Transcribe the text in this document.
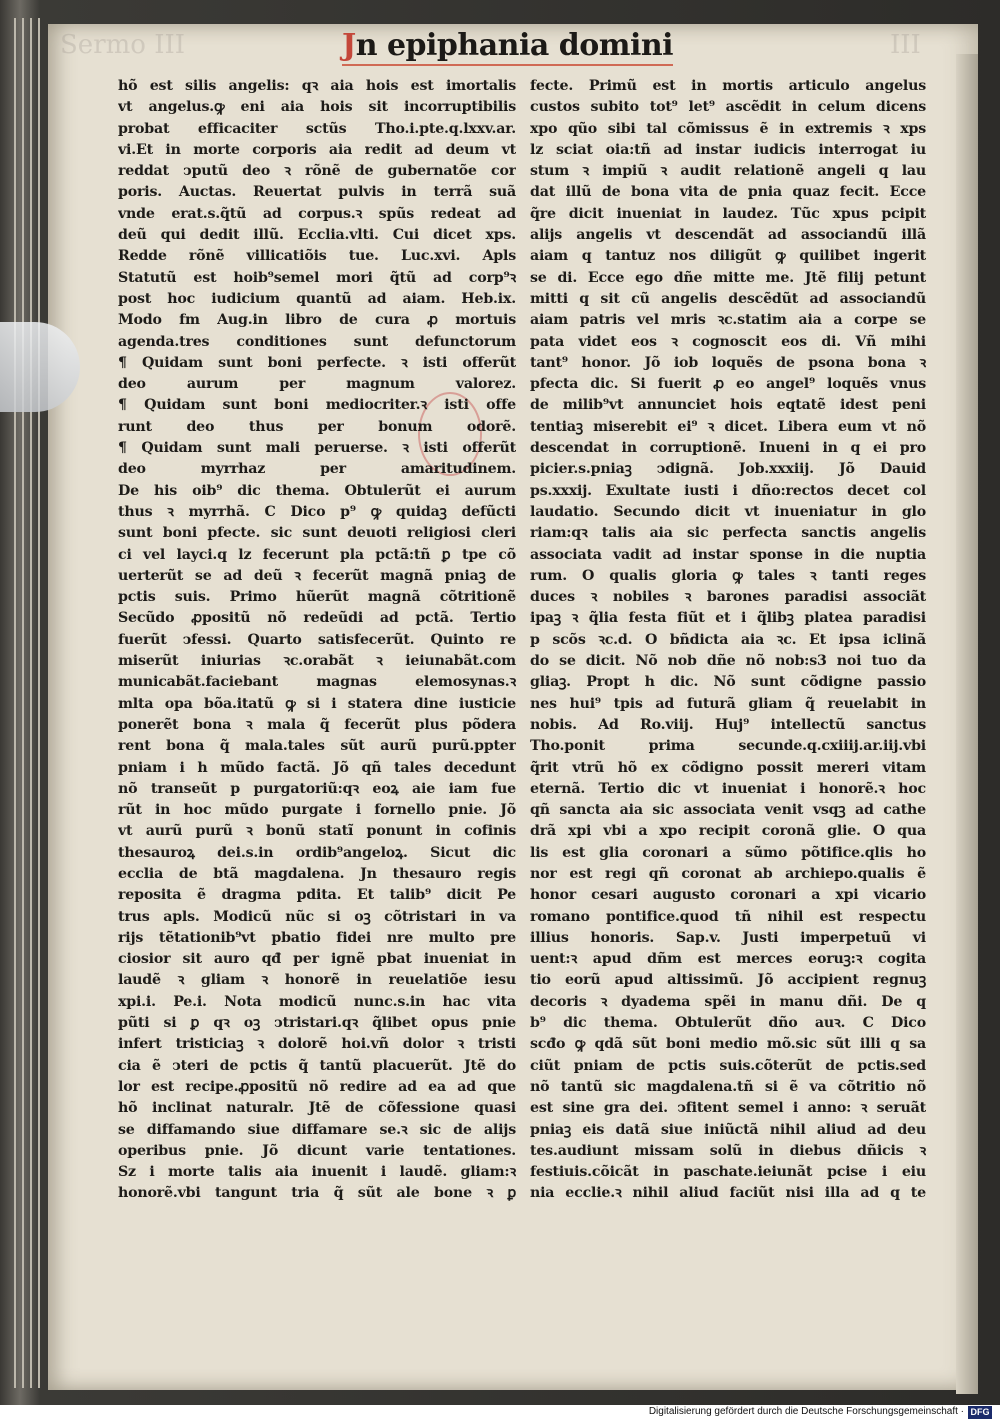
Sermo III	III
Jn epiphania domini
hõ est silis angelis: qꝛ aia hois est imortalis
vt angelus.ꝙ eni aia hois sit incorruptibilis
probat efficaciter sctũs Tho.i.pte.q.lxxv.ar.
vi.Et in morte corporis aia redit ad deum vt
reddat ↄputũ deo ꝛ rõnẽ de gubernatõe cor
poris. Auctas. Reuertat pulvis in terrã suã
vnde erat.s.q̃tũ ad corpus.ꝛ spũs redeat ad
deũ qui dedit illũ. Ecclia.vlti. Cui dicet xps.
Redde rõnẽ villicatiõis tue. Luc.xvi. Apls
Statutũ est hoib⁹semel mori q̃tũ ad corp⁹ꝛ
post hoc iudicium quantũ ad aiam. Heb.ix.
Modo fm Aug.in libro de cura ꝓ mortuis
agenda.tres conditiones sunt defunctorum
¶ Quidam sunt boni perfecte. ꝛ isti offerũt
deo aurum per magnum valorez.
¶ Quidam sunt boni mediocriter.ꝛ isti offe
runt deo thus per bonum odorẽ.
¶ Quidam sunt mali peruerse. ꝛ isti offerũt
deo myrrhaz per amaritudinem.
De his oib⁹ dic thema. Obtulerũt ei aurum
thus ꝛ myrrhã. C Dico p⁹ ꝙ quidaꝫ defũcti
sunt boni pfecte. sic sunt deuoti religiosi cleri
ci vel layci.q lz fecerunt pla pctã:tñ ꝑ tpe cõ
uerterũt se ad deũ ꝛ fecerũt magnã pniaꝫ de
pctis suis. Primo hũerũt magnã cõtritionẽ
Secũdo ꝓpositũ nõ redeũdi ad pctã. Tertio
fuerũt ↄfessi. Quarto satisfecerũt. Quinto re
miserũt iniurias ꝛc.orabãt ꝛ ieiunabãt.com
municabãt.faciebant magnas elemosynas.ꝛ
mlta opa bõa.itatũ ꝙ si i statera dine iusticie
ponerẽt bona ꝛ mala q̃ fecerũt plus põdera
rent bona q̃ mala.tales sũt aurũ purũ.ppter
pniam i h mũdo factã. Jõ qñ tales decedunt
nõ transeũt p purgatoriũ:qꝛ eoꝝ aie iam fue
rũt in hoc mũdo purgate i fornello pnie. Jõ
vt aurũ purũ ꝛ bonũ statĩ ponunt in cofinis
thesauroꝝ dei.s.in ordib⁹angeloꝝ. Sicut dic
ecclia de btã magdalena. Jn thesauro regis
reposita ẽ dragma pdita. Et talib⁹ dicit Pe
trus apls. Modicũ nũc si oꝫ cõtristari in va
rijs tẽtationib⁹vt pbatio fidei nre multo pre
ciosior sit auro qđ per ignẽ pbat inueniat in
laudẽ ꝛ gliam ꝛ honorẽ in reuelatiõe iesu
xpi.i. Pe.i. Nota modicũ nunc.s.in hac vita
pũti si ꝑ qꝛ oꝫ ↄtristari.qꝛ q̃libet opus pnie
infert tristiciaꝫ ꝛ dolorẽ hoi.vñ dolor ꝛ tristi
cia ẽ ↄteri de pctis q̃ tantũ placuerũt. Jtẽ do
lor est recipe.ꝓpositũ nõ redire ad ea ad que
hõ inclinat naturalr. Jtẽ de cõfessione quasi
se diffamando siue diffamare se.ꝛ sic de alijs
operibus pnie. Jõ dicunt varie tentationes.
Sz i morte talis aia inuenit i laudẽ. gliam:ꝛ
honorẽ.vbi tangunt tria q̃ sũt ale bone ꝛ ꝑ
fecte. Primũ est in mortis articulo angelus
custos subito tot⁹ let⁹ ascẽdit in celum dicens
xpo qũo sibi tal cõmissus ẽ in extremis ꝛ xps
lz sciat oia:tñ ad instar iudicis interrogat iu
stum ꝛ impiũ ꝛ audit relationẽ angeli q lau
dat illũ de bona vita de pnia quaz fecit. Ecce
q̃re dicit inueniat in laudez. Tũc xpus pcipit
alijs angelis vt descendãt ad associandũ illã
aiam q tantuz nos diligũt ꝙ quilibet ingerit
se di. Ecce ego dñe mitte me. Jtẽ filij petunt
mitti q sit cũ angelis descẽdũt ad associandũ
aiam patris vel mris ꝛc.statim aia a corpe se
pata videt eos ꝛ cognoscit eos di. Vñ mihi
tant⁹ honor. Jõ iob loquẽs de psona bona ꝛ
pfecta dic. Si fuerit ꝓ eo angel⁹ loquẽs vnus
de milib⁹vt annunciet hois eqtatẽ idest peni
tentiaꝫ miserebit ei⁹ ꝛ dicet. Libera eum vt nõ
descendat in corruptionẽ. Inueni in q ei pro
picier.s.pniaꝫ ↄdignã. Job.xxxiij. Jõ Dauid
ps.xxxij. Exultate iusti i dño:rectos decet col
laudatio. Secundo dicit vt inueniatur in glo
riam:qꝛ talis aia sic perfecta sanctis angelis
associata vadit ad instar sponse in die nuptia
rum. O qualis gloria ꝙ tales ꝛ tanti reges
duces ꝛ nobiles ꝛ barones paradisi associãt
ipaꝫ ꝛ q̃lia festa fiũt et i q̃libꝫ platea paradisi
p scõs ꝛc.d. O bñdicta aia ꝛc. Et ipsa iclinã
do se dicit. Nõ nob dñe nõ nob:s3 noi tuo da
gliaꝫ. Propt h dic. Nõ sunt cõdigne passio
nes hui⁹ tpis ad futurã gliam q̃ reuelabit in
nobis. Ad Ro.viij. Huj⁹ intellectũ sanctus
Tho.ponit prima secunde.q.cxiiij.ar.iij.vbi
q̃rit vtrũ hõ ex cõdigno possit mereri vitam
eternã. Tertio dic vt inueniat i honorẽ.ꝛ hoc
qñ sancta aia sic associata venit vsqꝫ ad cathe
drã xpi vbi a xpo recipit coronã glie. O qua
lis est glia coronari a sũmo põtifice.qlis ho
nor est regi qñ coronat ab archiepo.qualis ẽ
honor cesari augusto coronari a xpi vicario
romano pontifice.quod tñ nihil est respectu
illius honoris. Sap.v. Justi imperpetuũ vi
uent:ꝛ apud dñm est merces eoruꝫ:ꝛ cogita
tio eorũ apud altissimũ. Jõ accipient regnuꝫ
decoris ꝛ dyadema spẽi in manu dñi. De q
b⁹ dic thema. Obtulerũt dño auꝛ. C Dico
scđo ꝙ qdã sũt boni medio mõ.sic sũt illi q sa
ciũt pniam de pctis suis.cõterũt de pctis.sed
nõ tantũ sic magdalena.tñ si ẽ va cõtritio nõ
est sine gra dei. ↄfitent semel i anno: ꝛ seruãt
pniaꝫ eis datã siue iniũctã nihil aliud ad deu
tes.audiunt missam solũ in diebus dñicis ꝛ
festiuis.cõicãt in paschate.ieiunãt pcise i eiu
nia ecclie.ꝛ nihil aliud faciũt nisi illa ad q te
Digitalisierung gefördert durch die Deutsche Forschungsgemeinschaft · DFG
